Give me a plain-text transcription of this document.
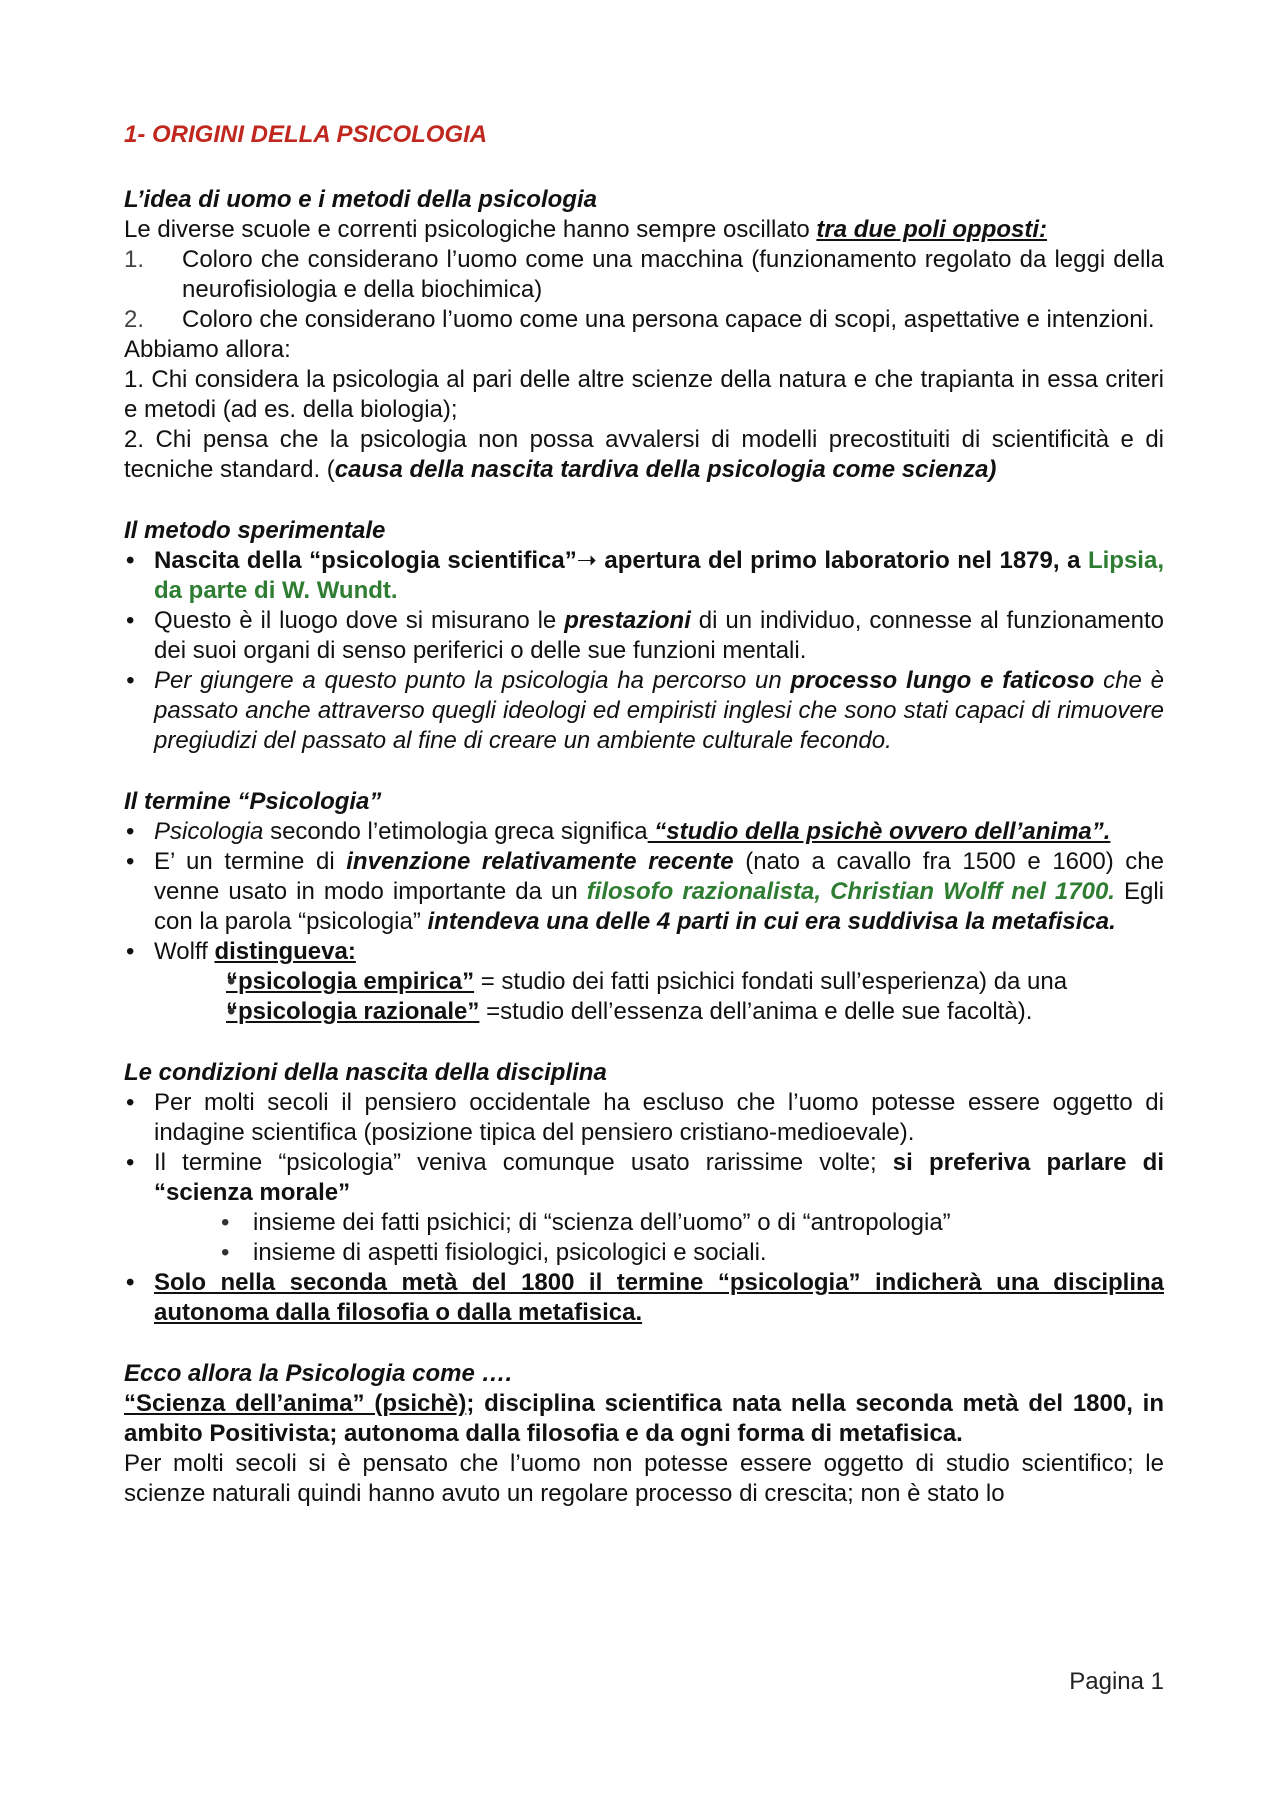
1- ORIGINI DELLA PSICOLOGIA

L’idea di uomo e i metodi della psicologia

Le diverse scuole e correnti psicologiche hanno sempre oscillato tra due poli opposti:

1. Coloro che considerano l’uomo come una macchina (funzionamento regolato da leggi della neurofisiologia e della biochimica)
2. Coloro che considerano l’uomo come una persona capace di scopi, aspettative e intenzioni.

Abbiamo allora:

1. Chi considera la psicologia al pari delle altre scienze della natura e che trapianta in essa criteri e metodi (ad es. della biologia);

2. Chi pensa che la psicologia non possa avvalersi di modelli precostituiti di scientificità e di tecniche standard. (causa della nascita tardiva della psicologia come scienza)

Il metodo sperimentale

• Nascita della “psicologia scientifica”➝ apertura del primo laboratorio nel 1879, a Lipsia, da parte di W. Wundt.
• Questo è il luogo dove si misurano le prestazioni di un individuo, connesse al funzionamento dei suoi organi di senso periferici o delle sue funzioni mentali.
• Per giungere a questo punto la psicologia ha percorso un processo lungo e faticoso che è passato anche attraverso quegli ideologi ed empiristi inglesi che sono stati capaci di rimuovere pregiudizi del passato al fine di creare un ambiente culturale fecondo.

Il termine “Psicologia”

• Psicologia secondo l’etimologia greca significa “studio della psichè ovvero dell’anima”.
• E’ un termine di invenzione relativamente recente (nato a cavallo fra 1500 e 1600) che venne usato in modo importante da un filosofo razionalista, Christian Wolff nel 1700. Egli con la parola “psicologia” intendeva una delle 4 parti in cui era suddivisa la metafisica.
• Wolff distingueva:
• “psicologia empirica” = studio dei fatti psichici fondati sull’esperienza) da una
• “psicologia razionale” =studio dell’essenza dell’anima e delle sue facoltà).

Le condizioni della nascita della disciplina

• Per molti secoli il pensiero occidentale ha escluso che l’uomo potesse essere oggetto di indagine scientifica (posizione tipica del pensiero cristiano-medioevale).
• Il termine “psicologia” veniva comunque usato rarissime volte; si preferiva parlare di “scienza morale”
• insieme dei fatti psichici; di “scienza dell’uomo” o di “antropologia”
• insieme di aspetti fisiologici, psicologici e sociali.
• Solo nella seconda metà del 1800 il termine “psicologia” indicherà una disciplina autonoma dalla filosofia o dalla metafisica.

Ecco allora la Psicologia come ….

“Scienza dell’anima” (psichè); disciplina scientifica nata nella seconda metà del 1800, in ambito Positivista; autonoma dalla filosofia e da ogni forma di metafisica.

Per molti secoli si è pensato che l’uomo non potesse essere oggetto di studio scientifico; le scienze naturali quindi hanno avuto un regolare processo di crescita; non è stato lo

Pagina 1
